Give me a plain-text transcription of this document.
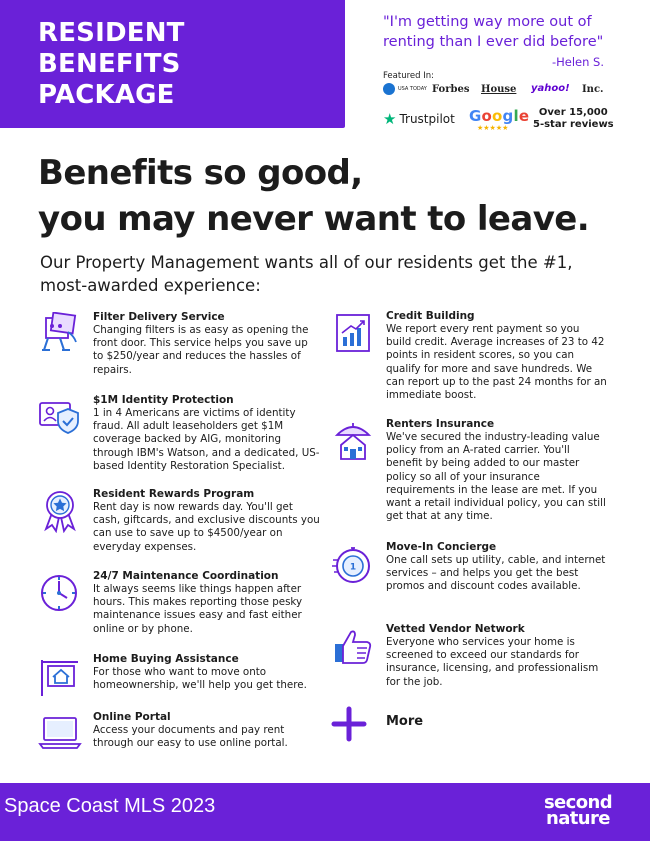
RESIDENT
BENEFITS
PACKAGE
"I'm getting way more out of renting than I ever did before"
-Helen S.
Featured In:
USA TODAY Forbes House yahoo! Inc.
★ Trustpilot Google
★★★★★
Over 15,000
5-star reviews
Benefits so good,
you may never want to leave.
Our Property Management wants all of our residents get the #1, most-awarded experience:
Filter Delivery Service
Changing filters is as easy as opening the front door. This service helps you save up to $250/year and reduces the hassles of repairs.
$1M Identity Protection
1 in 4 Americans are victims of identity fraud. All adult leaseholders get $1M coverage backed by AIG, monitoring through IBM's Watson, and a dedicated, US-based Identity Restoration Specialist.
Resident Rewards Program
Rent day is now rewards day. You'll get cash, giftcards, and exclusive discounts you can use to save up to $4500/year on everyday expenses.
24/7 Maintenance Coordination
It always seems like things happen after hours. This makes reporting those pesky maintenance issues easy and fast either online or by phone.
Home Buying Assistance
For those who want to move onto homeownership, we'll help you get there.
Online Portal
Access your documents and pay rent through our easy to use online portal.
Credit Building
We report every rent payment so you build credit. Average increases of 23 to 42 points in resident scores, so you can qualify for more and save hundreds. We can report up to the past 24 months for an immediate boost.
Renters Insurance
We've secured the industry-leading value policy from an A-rated carrier. You'll benefit by being added to our master policy so all of your insurance requirements in the lease are met. If you want a retail individual policy, you can still get that at any time.
1
Move-In Concierge
One call sets up utility, cable, and internet services – and helps you get the best promos and discount codes available.
Vetted Vendor Network
Everyone who services your home is screened to exceed our standards for insurance, licensing, and professionalism for the job.
More
Space Coast MLS 2023	second
nature
